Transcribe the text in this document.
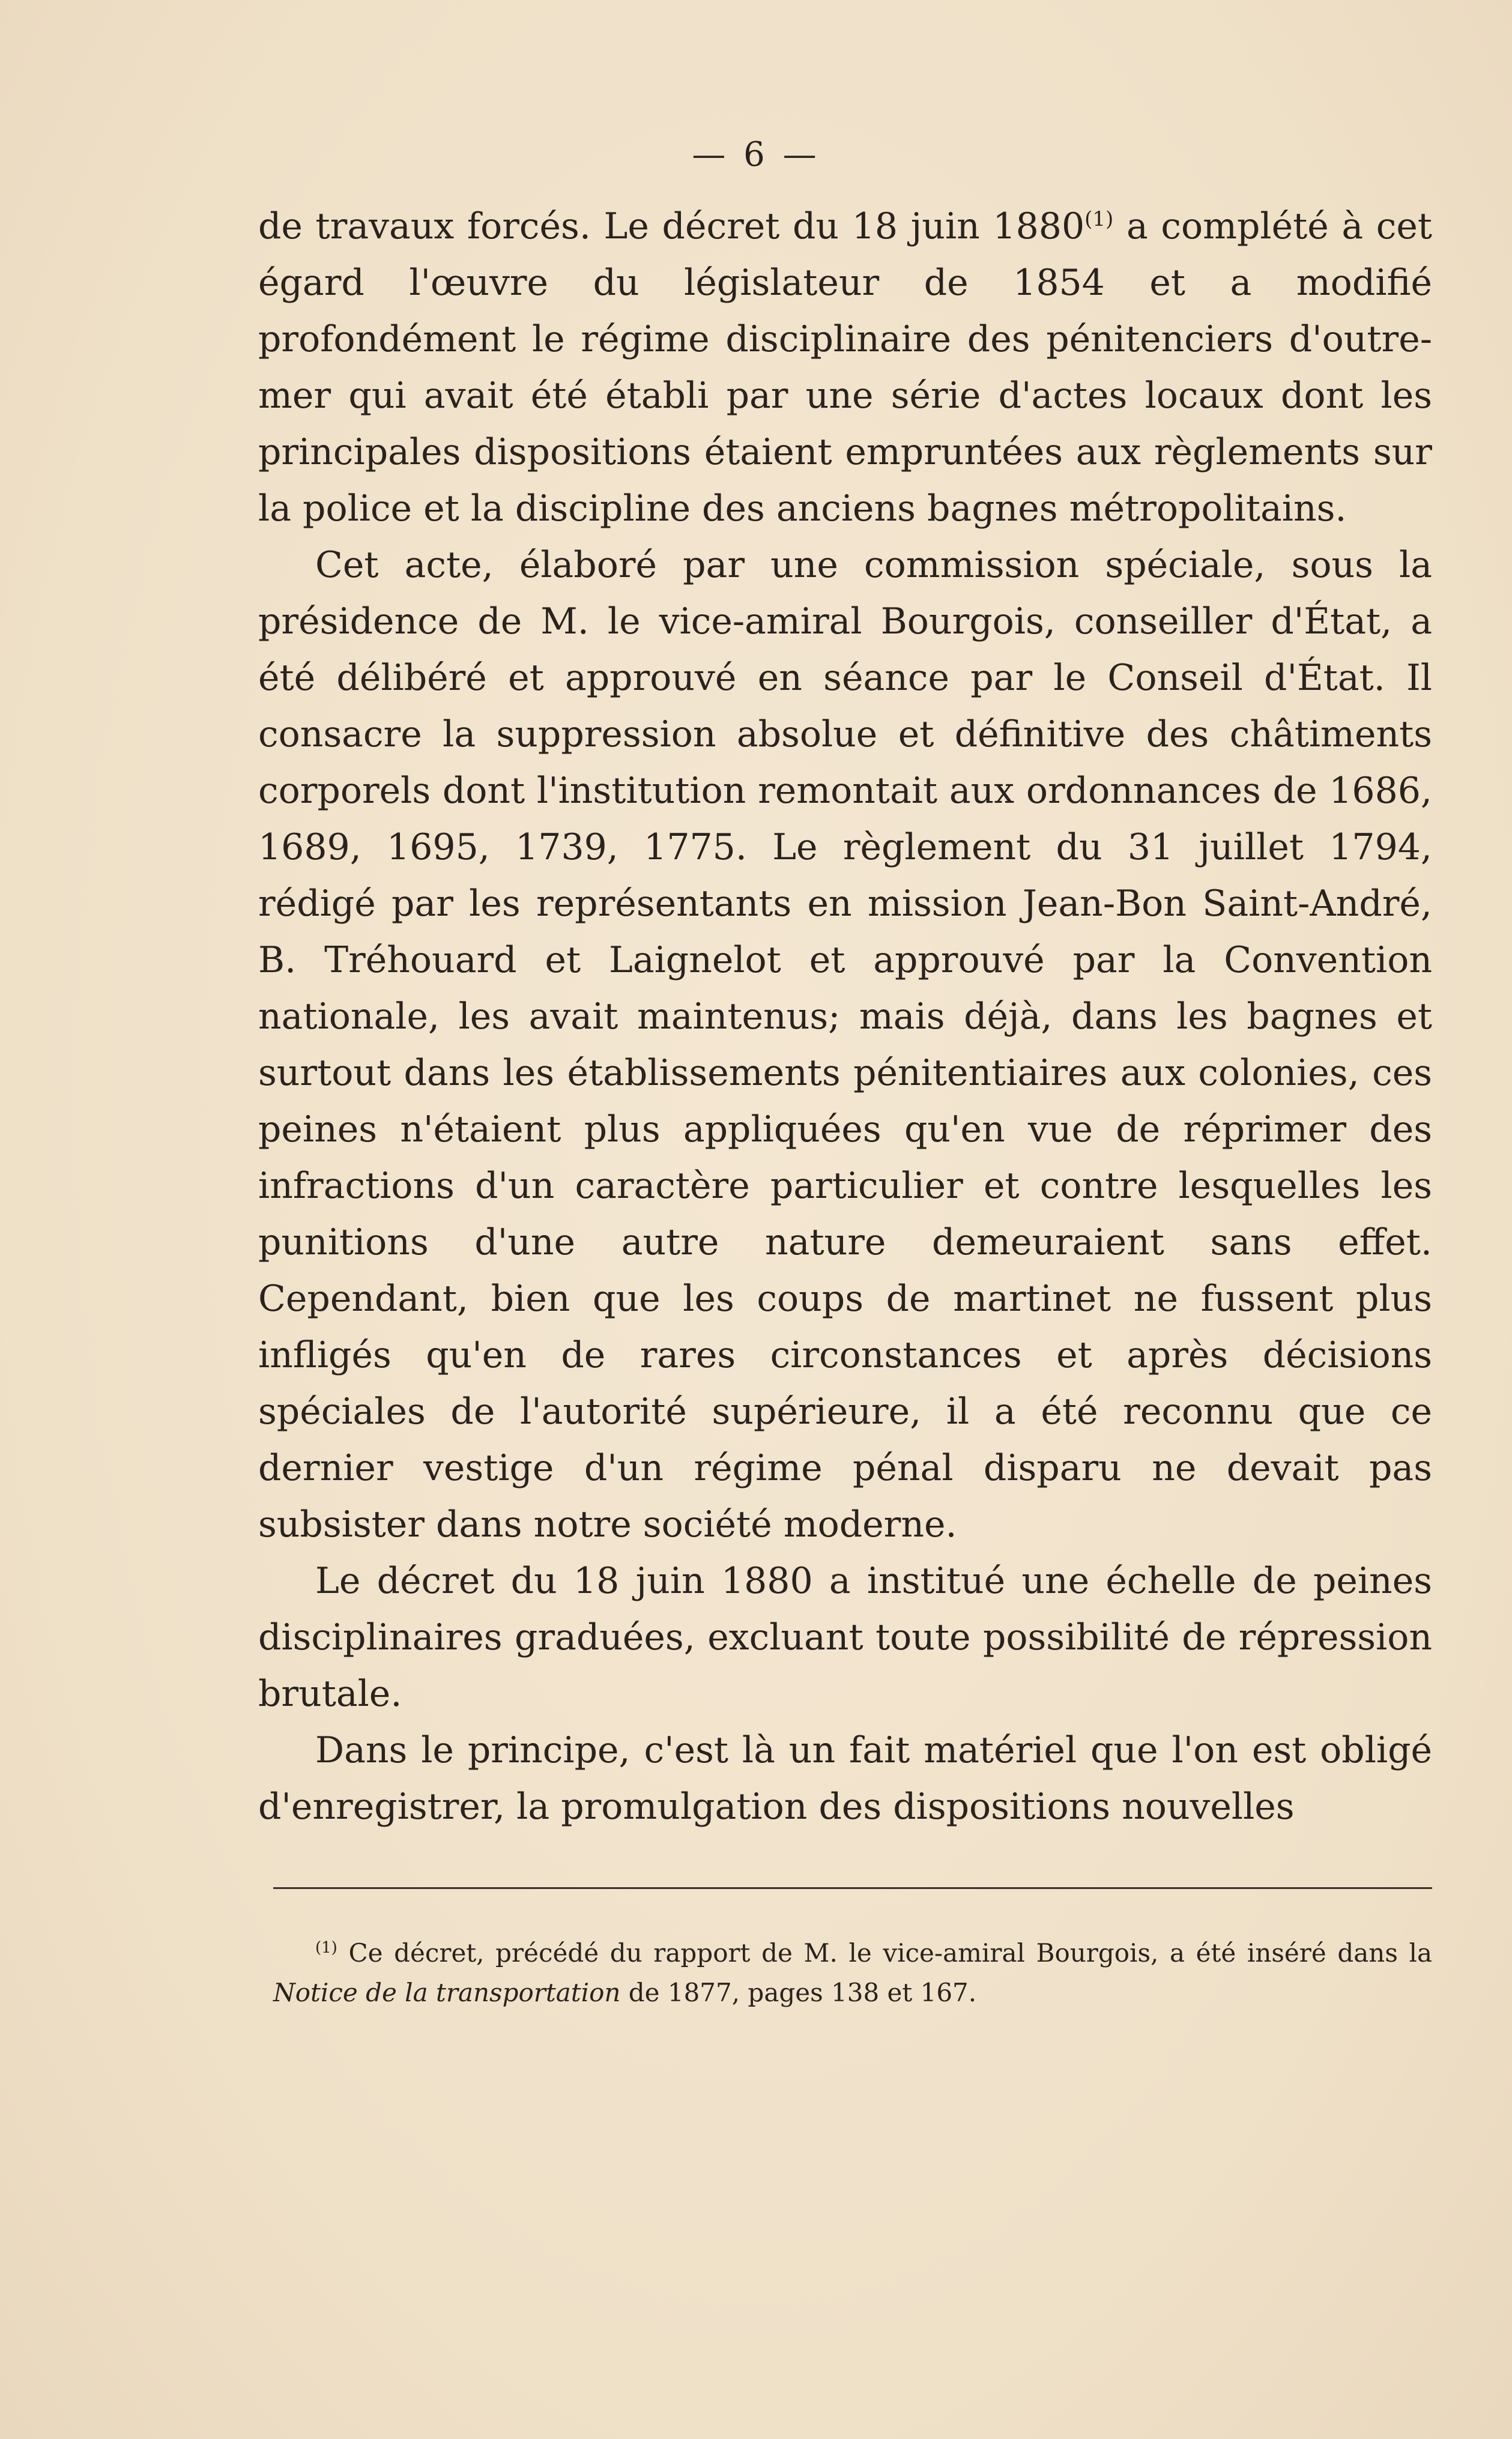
— 6 —

de travaux forcés. Le décret du 18 juin 1880$^{(1)}$ a complété à cet égard l'œuvre du législateur de 1854 et a modifié profondément le régime disciplinaire des pénitenciers d'outre-mer qui avait été établi par une série d'actes locaux dont les principales dispositions étaient empruntées aux règlements sur la police et la discipline des anciens bagnes métropolitains.

Cet acte, élaboré par une commission spéciale, sous la présidence de M. le vice-amiral Bourgois, conseiller d'État, a été délibéré et approuvé en séance par le Conseil d'État. Il consacre la suppression absolue et définitive des châtiments corporels dont l'institution remontait aux ordonnances de 1686, 1689, 1695, 1739, 1775. Le règlement du 31 juillet 1794, rédigé par les représentants en mission Jean-Bon Saint-André, B. Tréhouard et Laignelot et approuvé par la Convention nationale, les avait maintenus; mais déjà, dans les bagnes et surtout dans les établissements pénitentiaires aux colonies, ces peines n'étaient plus appliquées qu'en vue de réprimer des infractions d'un caractère particulier et contre lesquelles les punitions d'une autre nature demeuraient sans effet. Cependant, bien que les coups de martinet ne fussent plus infligés qu'en de rares circonstances et après décisions spéciales de l'autorité supérieure, il a été reconnu que ce dernier vestige d'un régime pénal disparu ne devait pas subsister dans notre société moderne.

Le décret du 18 juin 1880 a institué une échelle de peines disciplinaires graduées, excluant toute possibilité de répression brutale.

Dans le principe, c'est là un fait matériel que l'on est obligé d'enregistrer, la promulgation des dispositions nouvelles

$^{(1)}$ Ce décret, précédé du rapport de M. le vice-amiral Bourgois, a été inséré dans la Notice de la transportation de 1877, pages 138 et 167.
